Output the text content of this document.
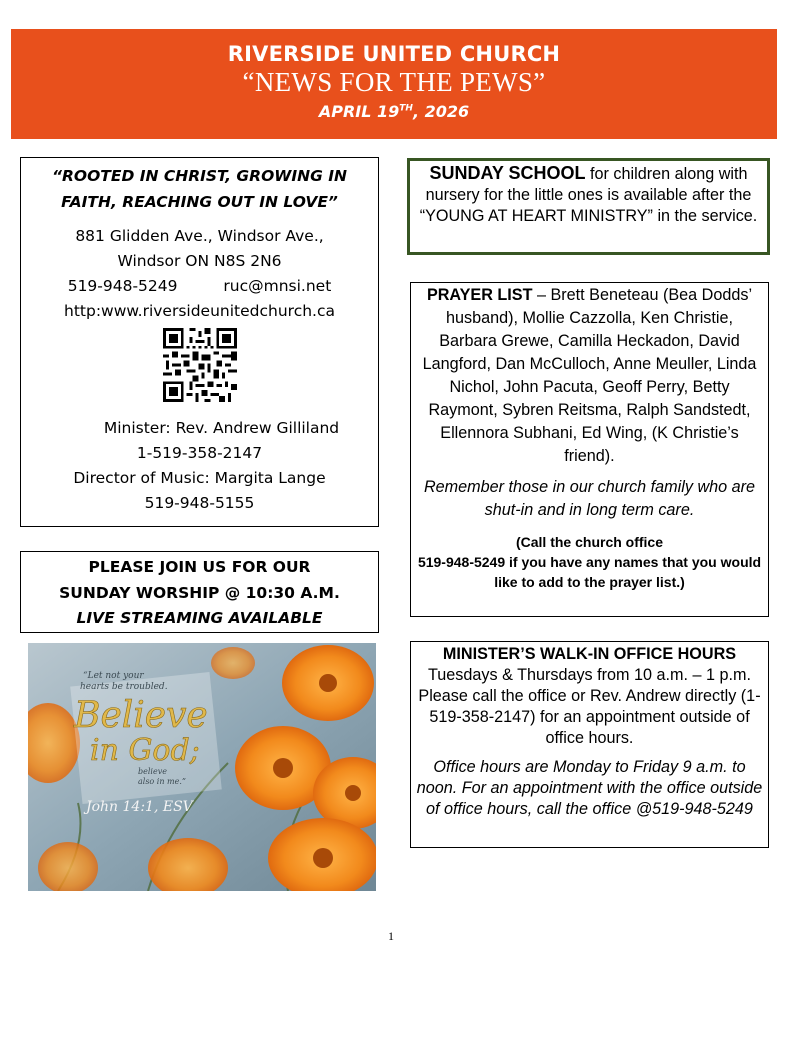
RIVERSIDE UNITED CHURCH
“NEWS FOR THE PEWS”
APRIL 19TH, 2026
“ROOTED IN CHRIST, GROWING IN
FAITH, REACHING OUT IN LOVE”
881 Glidden Ave., Windsor Ave.,
Windsor ON N8S 2N6
519-948-5249	ruc@mnsi.net
http:www.riversideunitedchurch.ca
Minister: Rev. Andrew Gilliland
1-519-358-2147
Director of Music: Margita Lange
519-948-5155
PLEASE JOIN US FOR OUR
SUNDAY WORSHIP @ 10:30 A.M.
LIVE STREAMING AVAILABLE
“Let not your
hearts be troubled.
Believe
in God;
believe
also in me.”
John 14:1, ESV
SUNDAY SCHOOL for children along with nursery for the little ones is available after the “YOUNG AT HEART MINISTRY” in the service.
PRAYER LIST – Brett Beneteau (Bea Dodds’ husband), Mollie Cazzolla, Ken Christie, Barbara Grewe, Camilla Heckadon, David Langford, Dan McCulloch, Anne Meuller, Linda Nichol, John Pacuta, Geoff Perry, Betty Raymont, Sybren Reitsma, Ralph Sandstedt, Ellennora Subhani, Ed Wing, (K Christie’s friend).
Remember those in our church family who are shut-in and in long term care.
(Call the church office
519-948-5249 if you have any names that you would like to add to the prayer list.)
MINISTER’S WALK-IN OFFICE HOURS
Tuesdays & Thursdays from 10 a.m. – 1 p.m. Please call the office or Rev. Andrew directly (1-519-358-2147) for an appointment outside of office hours.
Office hours are Monday to Friday 9 a.m. to noon. For an appointment with the office outside of office hours, call the office @519-948-5249
1
